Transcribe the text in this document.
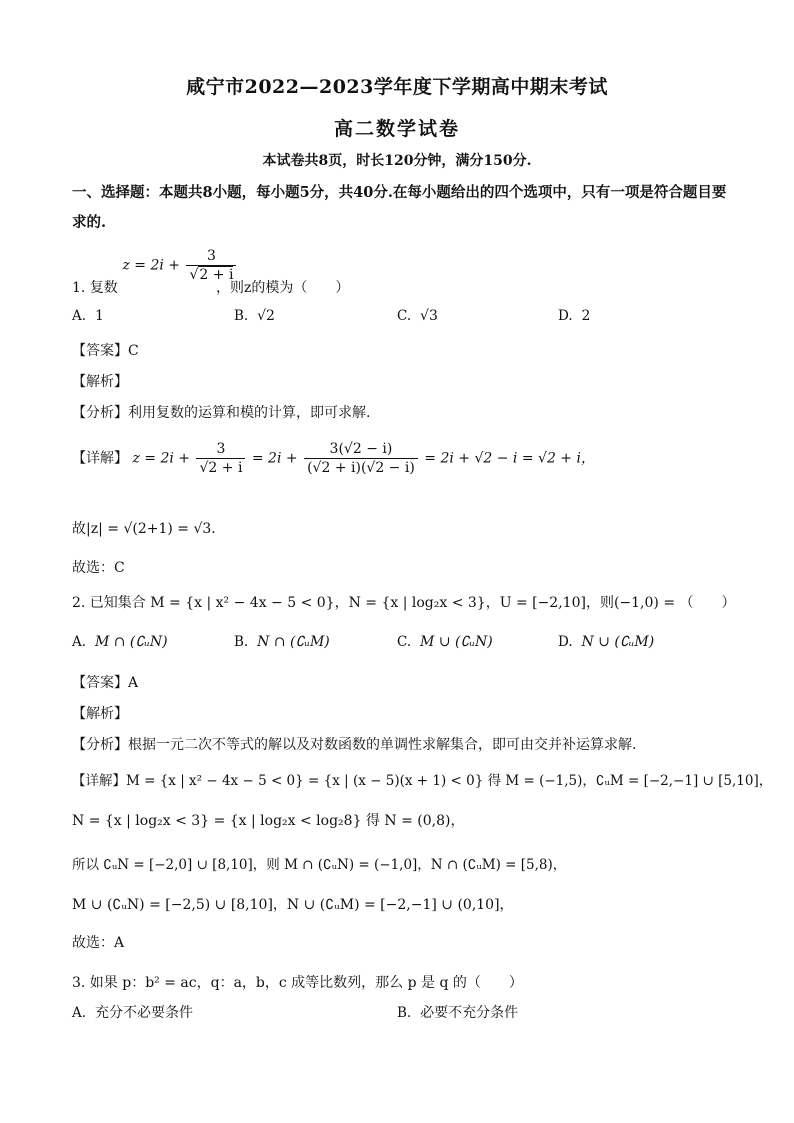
咸宁市2022—2023学年度下学期高中期末考试
高二数学试卷
本试卷共8页，时长120分钟，满分150分.
一、选择题：本题共8小题，每小题5分，共40分.在每小题给出的四个选项中，只有一项是符合题目要求的.
$z = 2i + \frac{3}{√2 + i}$
1. 复数	，则z的模为（　　）
A. 1	B. √2	C. √3	D. 2
【答案】C
【解析】
【分析】利用复数的运算和模的计算，即可求解.
【详解】 $z = 2i + \frac{3}{√2 + i} = 2i + \frac{3(√2 - i)}{(√2 + i)(√2 - i)} = 2i + √2 - i = √2 + i$，
故|z| = √(2+1) = √3.
故选：C
2. 已知集合 M = {x | x² − 4x − 5 < 0}，N = {x | log₂x < 3}，U = [−2,10]，则(−1,0) = （　　）
A. M ∩ (∁ᵤN)	B. N ∩ (∁ᵤM)	C. M ∪ (∁ᵤN)	D. N ∪ (∁ᵤM)
【答案】A
【解析】
【分析】根据一元二次不等式的解以及对数函数的单调性求解集合，即可由交并补运算求解.
【详解】M = {x | x² − 4x − 5 < 0} = {x | (x − 5)(x + 1) < 0} 得 M = (−1,5)，∁ᵤM = [−2,−1] ∪ [5,10]，
N = {x | log₂x < 3} = {x | log₂x < log₂8} 得 N = (0,8)，
所以 ∁ᵤN = [−2,0] ∪ [8,10]，则 M ∩ (∁ᵤN) = (−1,0]，N ∩ (∁ᵤM) = [5,8)，
M ∪ (∁ᵤN) = [−2,5) ∪ [8,10]，N ∪ (∁ᵤM) = [−2,−1] ∪ (0,10]，
故选：A
3. 如果 p：b² = ac，q：a，b，c 成等比数列，那么 p 是 q 的（　　）
A. 充分不必要条件	B. 必要不充分条件
